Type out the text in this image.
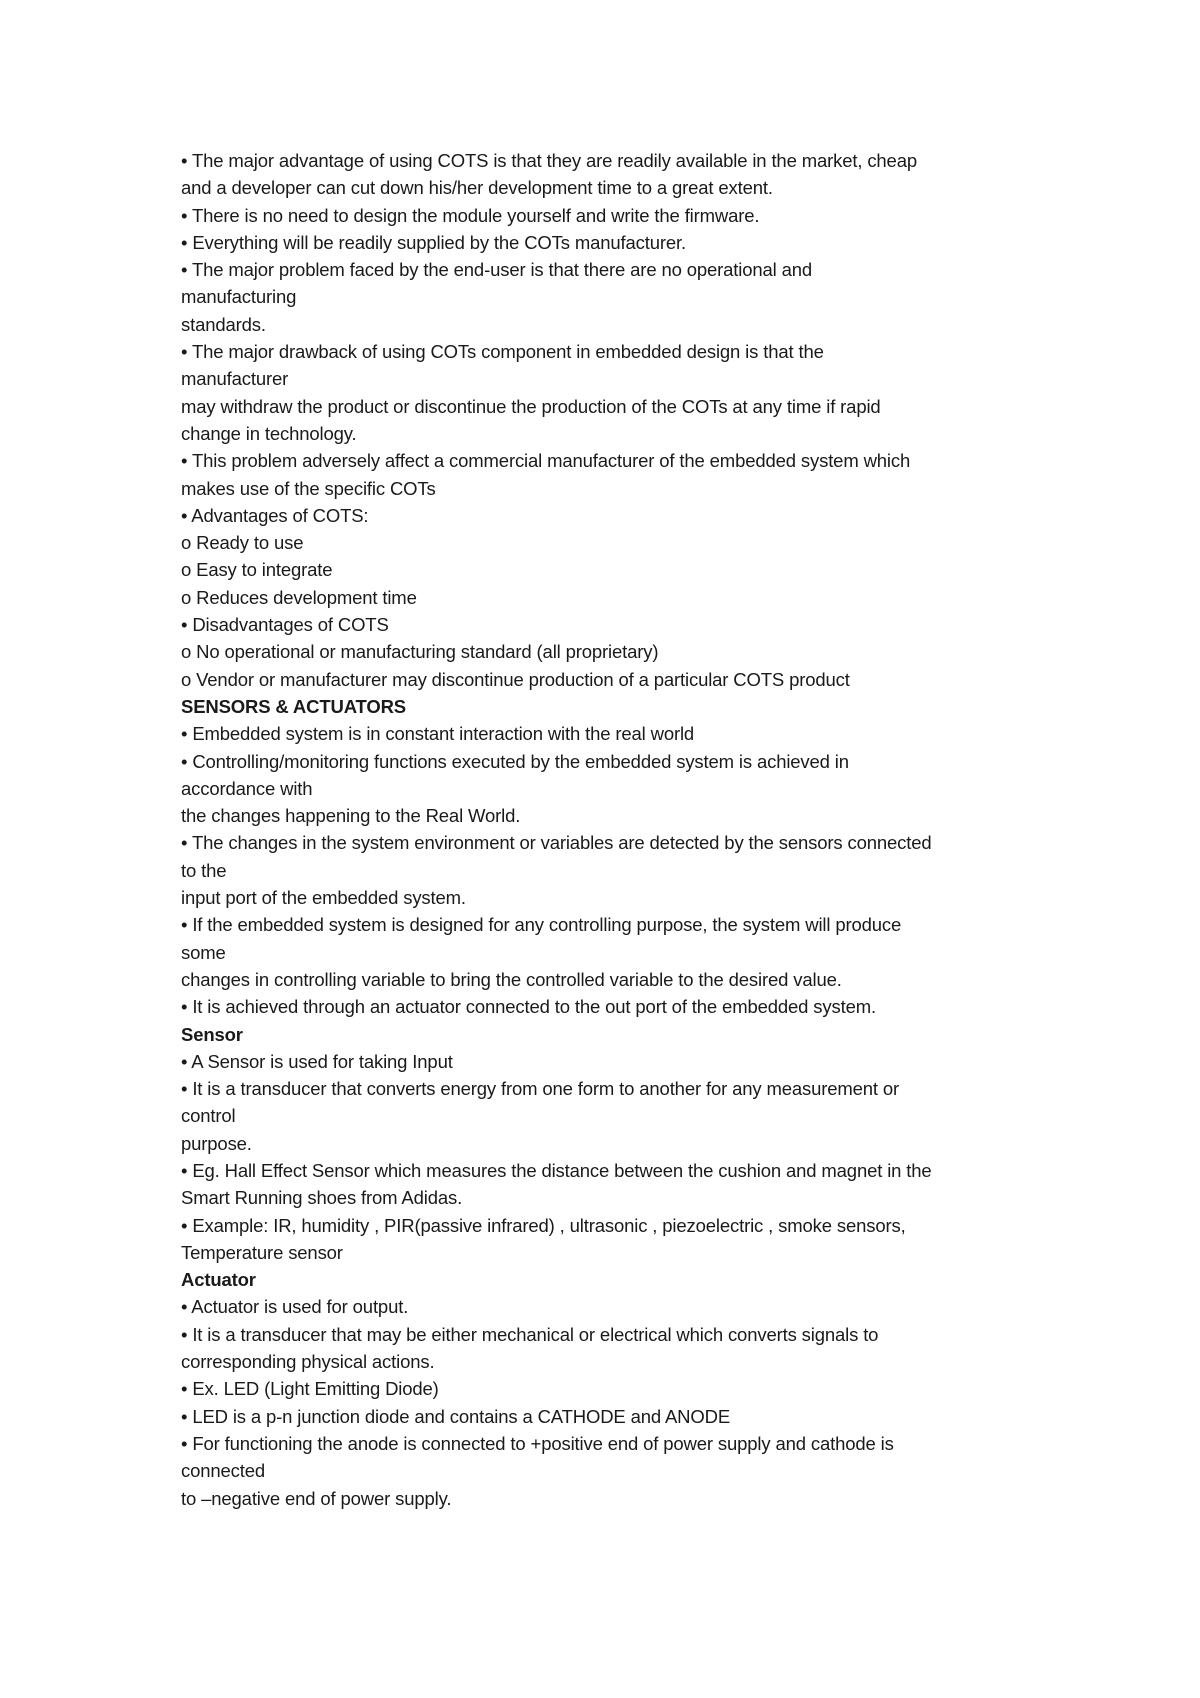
• The major advantage of using COTS is that they are readily available in the market, cheap
and a developer can cut down his/her development time to a great extent.
• There is no need to design the module yourself and write the firmware.
• Everything will be readily supplied by the COTs manufacturer.
• The major problem faced by the end-user is that there are no operational and
manufacturing
standards.
• The major drawback of using COTs component in embedded design is that the
manufacturer
may withdraw the product or discontinue the production of the COTs at any time if rapid
change in technology.
• This problem adversely affect a commercial manufacturer of the embedded system which
makes use of the specific COTs
• Advantages of COTS:
o Ready to use
o Easy to integrate
o Reduces development time
• Disadvantages of COTS
o No operational or manufacturing standard (all proprietary)
o Vendor or manufacturer may discontinue production of a particular COTS product
SENSORS & ACTUATORS
• Embedded system is in constant interaction with the real world
• Controlling/monitoring functions executed by the embedded system is achieved in
accordance with
the changes happening to the Real World.
• The changes in the system environment or variables are detected by the sensors connected
to the
input port of the embedded system.
• If the embedded system is designed for any controlling purpose, the system will produce
some
changes in controlling variable to bring the controlled variable to the desired value.
• It is achieved through an actuator connected to the out port of the embedded system.
Sensor
• A Sensor is used for taking Input
• It is a transducer that converts energy from one form to another for any measurement or
control
purpose.
• Eg. Hall Effect Sensor which measures the distance between the cushion and magnet in the
Smart Running shoes from Adidas.
• Example: IR, humidity , PIR(passive infrared) , ultrasonic , piezoelectric , smoke sensors,
Temperature sensor
Actuator
• Actuator is used for output.
• It is a transducer that may be either mechanical or electrical which converts signals to
corresponding physical actions.
• Ex. LED (Light Emitting Diode)
• LED is a p-n junction diode and contains a CATHODE and ANODE
• For functioning the anode is connected to +positive end of power supply and cathode is
connected
to –negative end of power supply.
